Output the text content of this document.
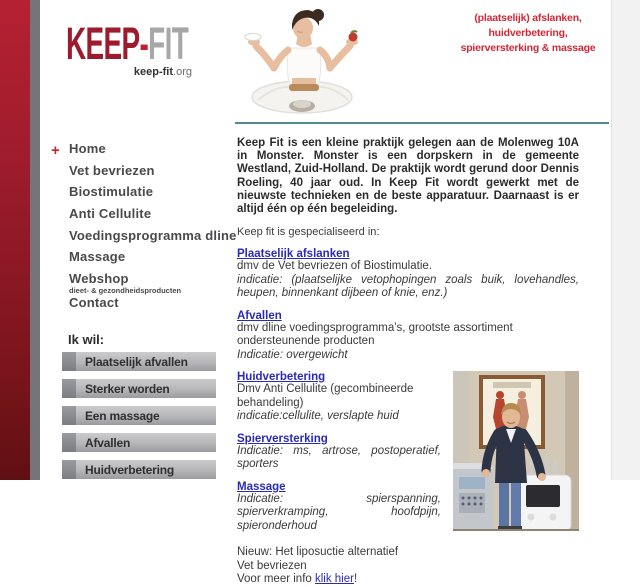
KEEP-FIT
keep-fit.org
(plaatselijk) afslanken,
huidverbetering,
spierversterking & massage
+ Home
Vet bevriezen
Biostimulatie
Anti Cellulite
Voedingsprogramma dline
Massage
Webshop
dieet- & gezondheidsproducten
Contact
Ik wil:
Plaatselijk afvallen
Sterker worden
Een massage
Afvallen
Huidverbetering

Keep Fit is een kleine praktijk gelegen aan de Molenweg 10A in Monster. Monster is een dorpskern in de gemeente Westland, Zuid-Holland. De praktijk wordt gerund door Dennis Roeling, 40 jaar oud. In Keep Fit wordt gewerkt met de nieuwste technieken en de beste apparatuur. Daarnaast is er altijd één op één begeleiding.

Keep fit is gespecialiseerd in:

Plaatselijk afslanken
dmv de Vet bevriezen of Biostimulatie.
indicatie: (plaatselijke vetophopingen zoals buik, lovehandles, heupen, binnenkant dijbeen of knie, enz.)
Afvallen
dmv dline voedingsprogramma's, grootste assortiment ondersteunende producten
Indicatie: overgewicht
Huidverbetering
Dmv Anti Cellulite (gecombineerde behandeling)
indicatie:cellulite, verslapte huid
Spierversterking
Indicatie: ms, artrose, postoperatief, sporters
Massage
Indicatie: spierspanning, spierverkramping, hoofdpijn, spieronderhoud
Nieuw: Het liposuctie alternatief
Vet bevriezen
Voor meer info klik hier!
